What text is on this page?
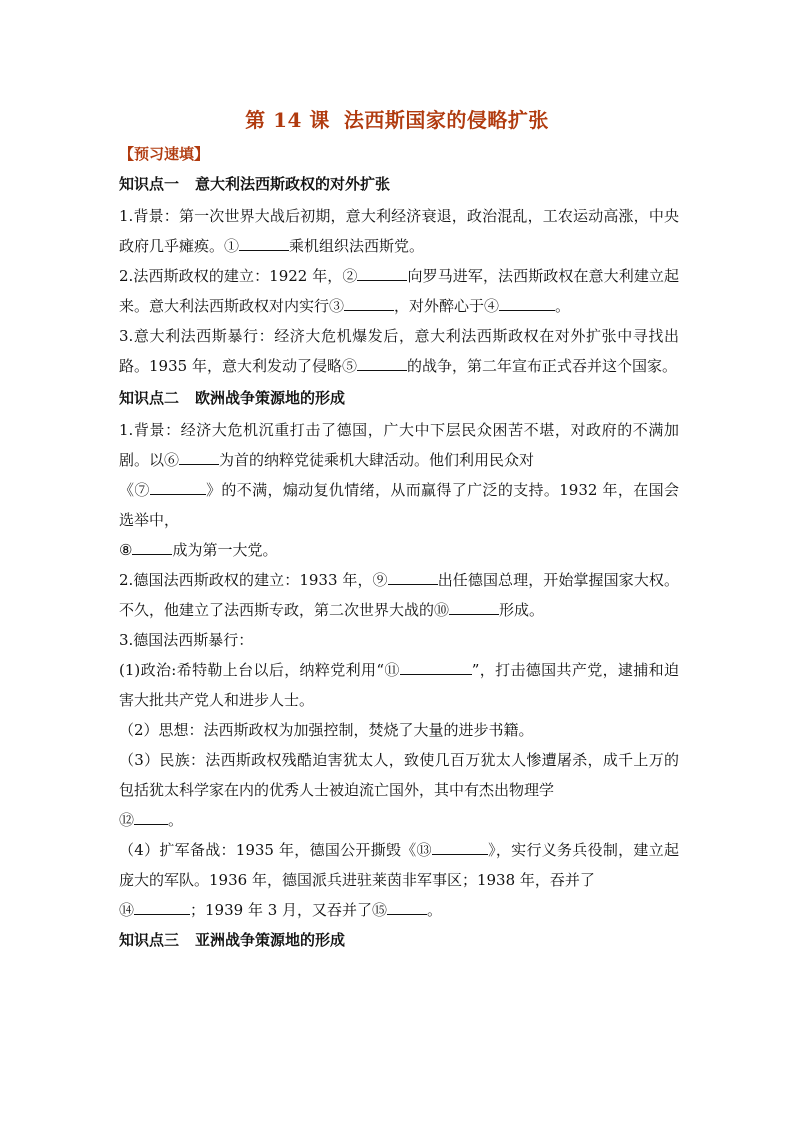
第 14 课 法西斯国家的侵略扩张
【预习速填】
知识点一 意大利法西斯政权的对外扩张
1.背景：第一次世界大战后初期，意大利经济衰退，政治混乱，工农运动高涨，中央政府几乎瘫痪。①	乘机组织法西斯党。
2.法西斯政权的建立：1922 年，②	向罗马进军，法西斯政权在意大利建立起来。意大利法西斯政权对内实行③	，对外醉心于④	。
3.意大利法西斯暴行：经济大危机爆发后，意大利法西斯政权在对外扩张中寻找出路。1935 年，意大利发动了侵略⑤	的战争，第二年宣布正式吞并这个国家。
知识点二 欧洲战争策源地的形成
1.背景：经济大危机沉重打击了德国，广大中下层民众困苦不堪，对政府的不满加剧。以⑥	为首的纳粹党徒乘机大肆活动。他们利用民众对
《⑦	》的不满，煽动复仇情绪，从而赢得了广泛的支持。1932 年，在国会选举中，
⑧	成为第一大党。
2.德国法西斯政权的建立：1933 年，⑨	出任德国总理，开始掌握国家大权。不久，他建立了法西斯专政，第二次世界大战的⑩	形成。
3.德国法西斯暴行：
(1)政治:希特勒上台以后，纳粹党利用“⑪	”，打击德国共产党，逮捕和迫害大批共产党人和进步人士。
（2）思想：法西斯政权为加强控制，焚烧了大量的进步书籍。
（3）民族：法西斯政权残酷迫害犹太人，致使几百万犹太人惨遭屠杀，成千上万的包括犹太科学家在内的优秀人士被迫流亡国外，其中有杰出物理学
⑫ 。
（4）扩军备战：1935 年，德国公开撕毁《⑬	》，实行义务兵役制，建立起庞大的军队。1936 年，德国派兵进驻莱茵非军事区；1938 年，吞并了
⑭	；1939 年 3 月，又吞并了⑮	。
知识点三 亚洲战争策源地的形成
